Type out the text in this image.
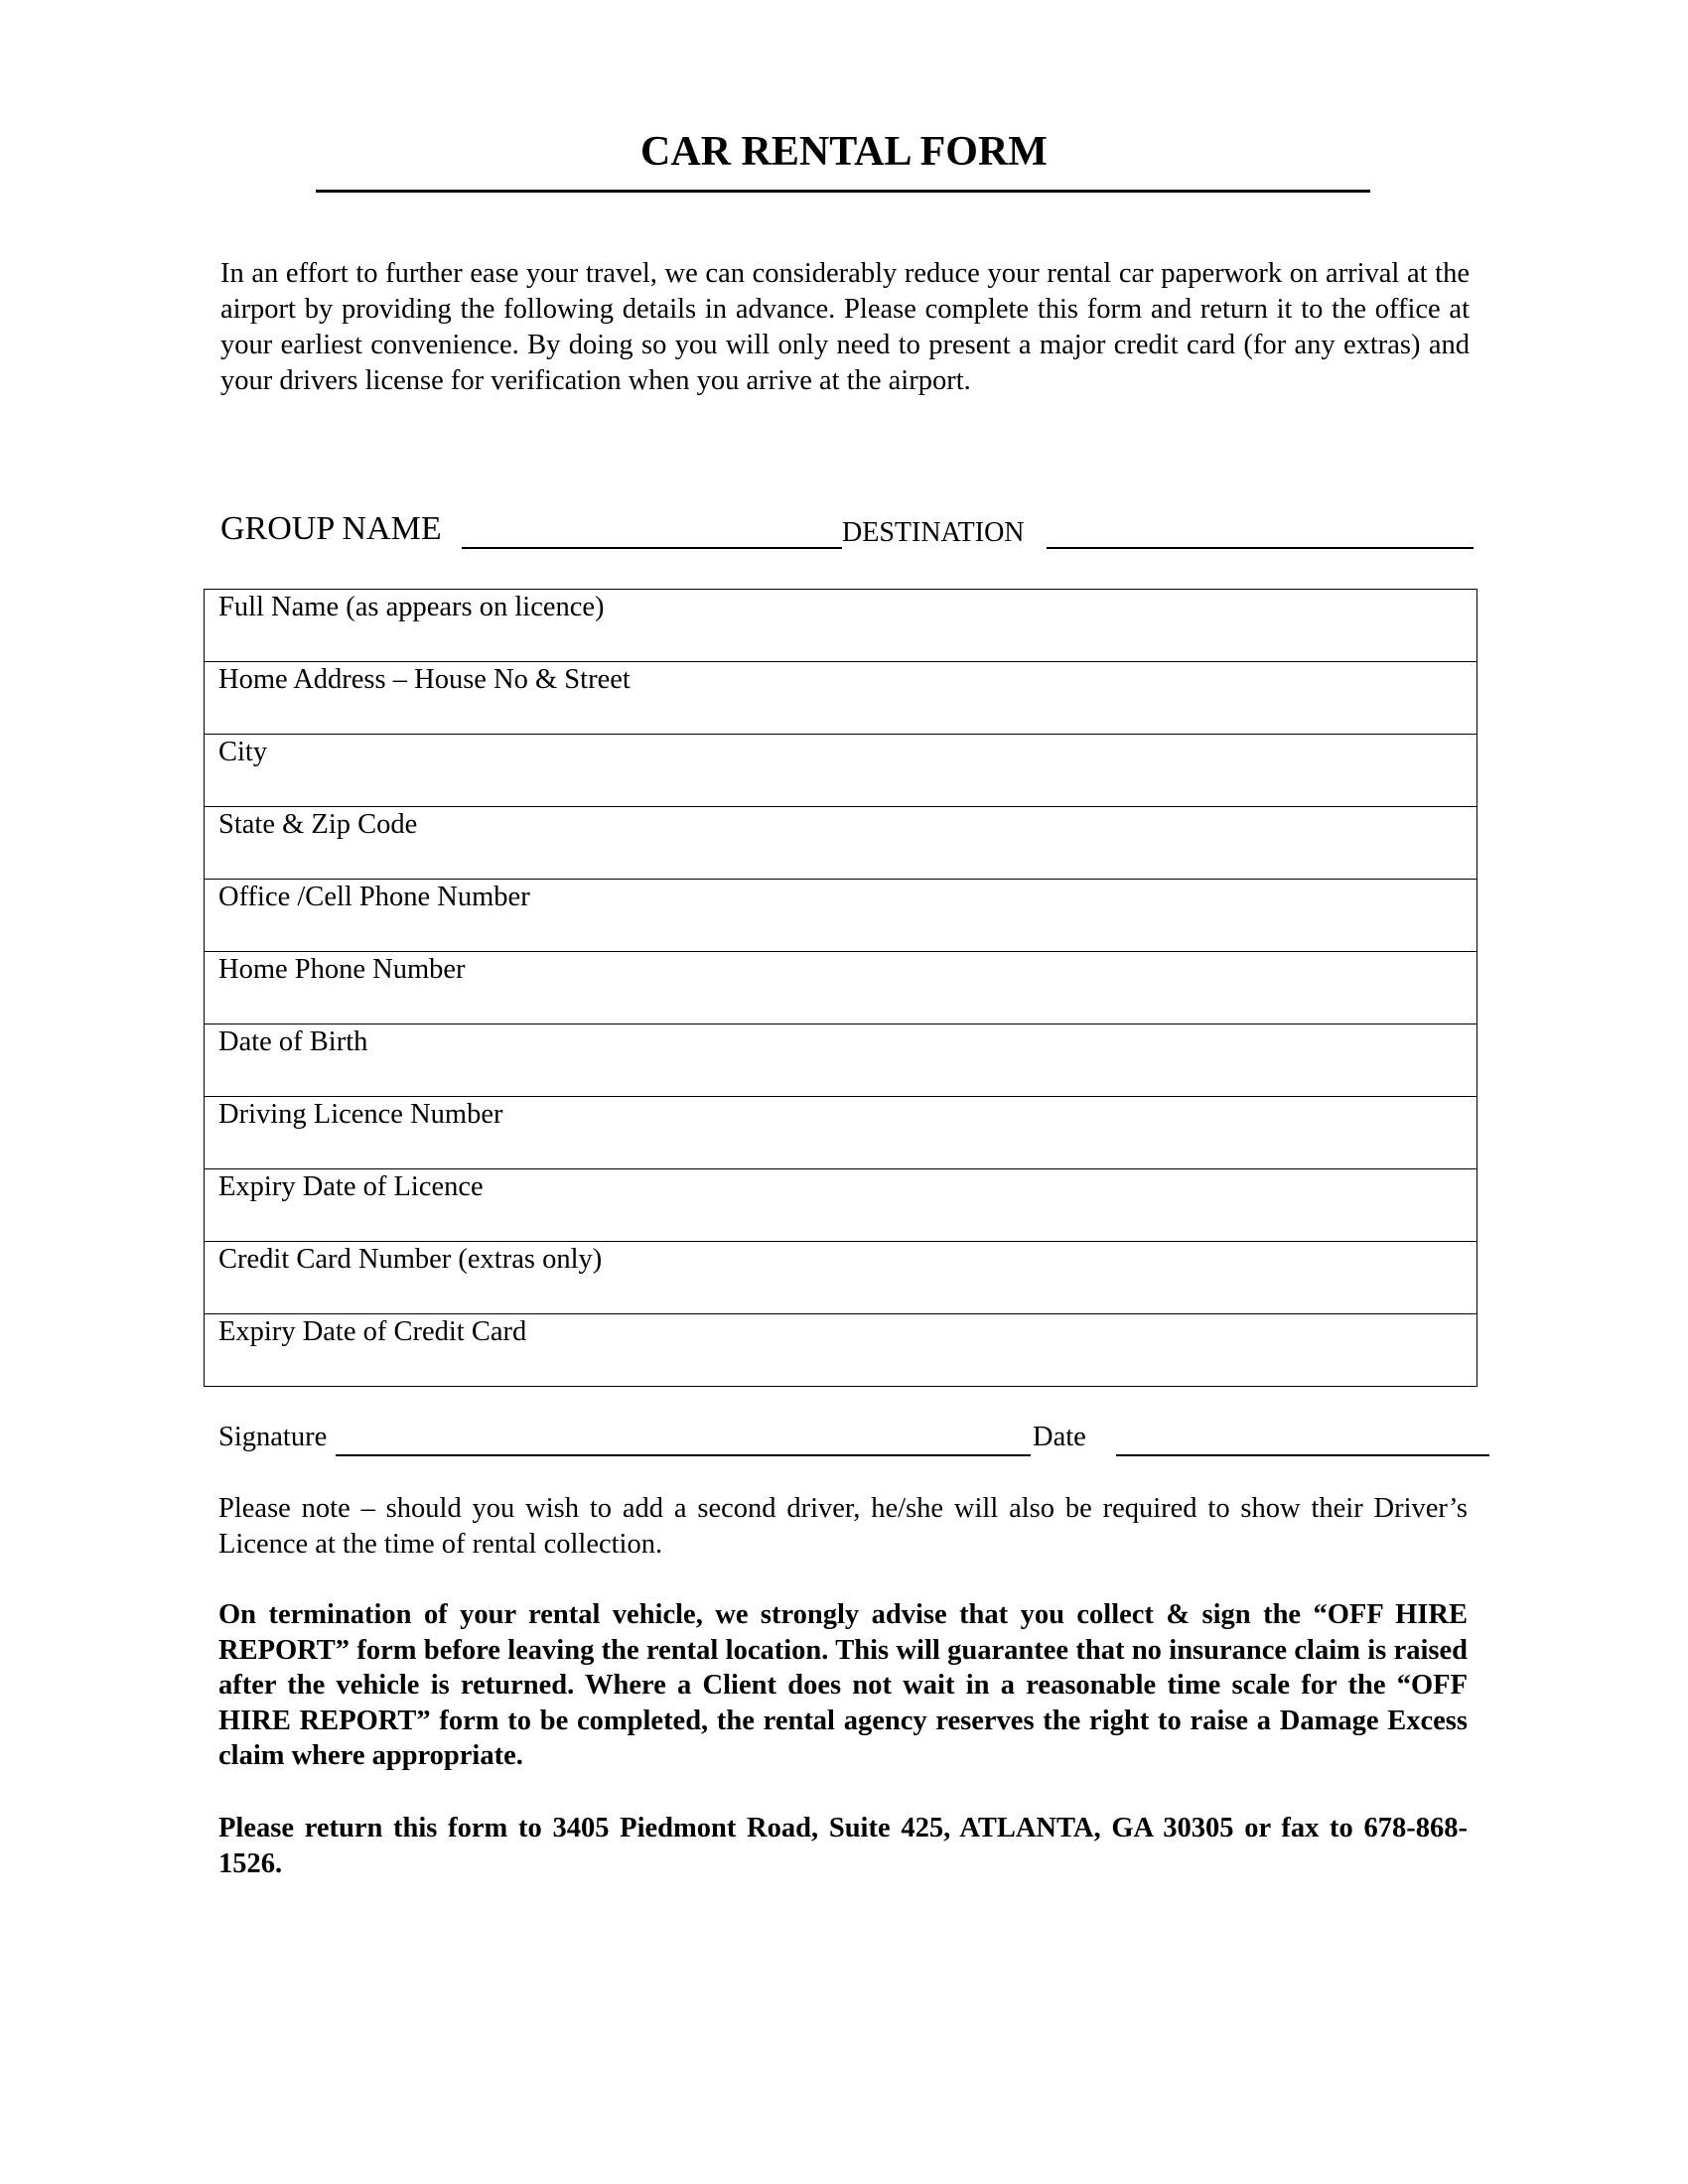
CAR RENTAL FORM

In an effort to further ease your travel, we can considerably reduce your rental car paperwork on arrival at the airport by providing the following details in advance. Please complete this form and return it to the office at your earliest convenience. By doing so you will only need to present a major credit card (for any extras) and your drivers license for verification when you arrive at the airport.

GROUP NAME	DESTINATION
Full Name (as appears on licence)
Home Address – House No & Street
City
State & Zip Code
Office /Cell Phone Number
Home Phone Number
Date of Birth
Driving Licence Number
Expiry Date of Licence
Credit Card Number (extras only)
Expiry Date of Credit Card
Signature	Date

Please note – should you wish to add a second driver, he/she will also be required to show their Driver’s Licence at the time of rental collection.

On termination of your rental vehicle, we strongly advise that you collect & sign the “OFF HIRE REPORT” form before leaving the rental location. This will guarantee that no insurance claim is raised after the vehicle is returned. Where a Client does not wait in a reasonable time scale for the “OFF HIRE REPORT” form to be completed, the rental agency reserves the right to raise a Damage Excess claim where appropriate.

Please return this form to 3405 Piedmont Road, Suite 425, ATLANTA, GA 30305 or fax to 678-868-1526.
